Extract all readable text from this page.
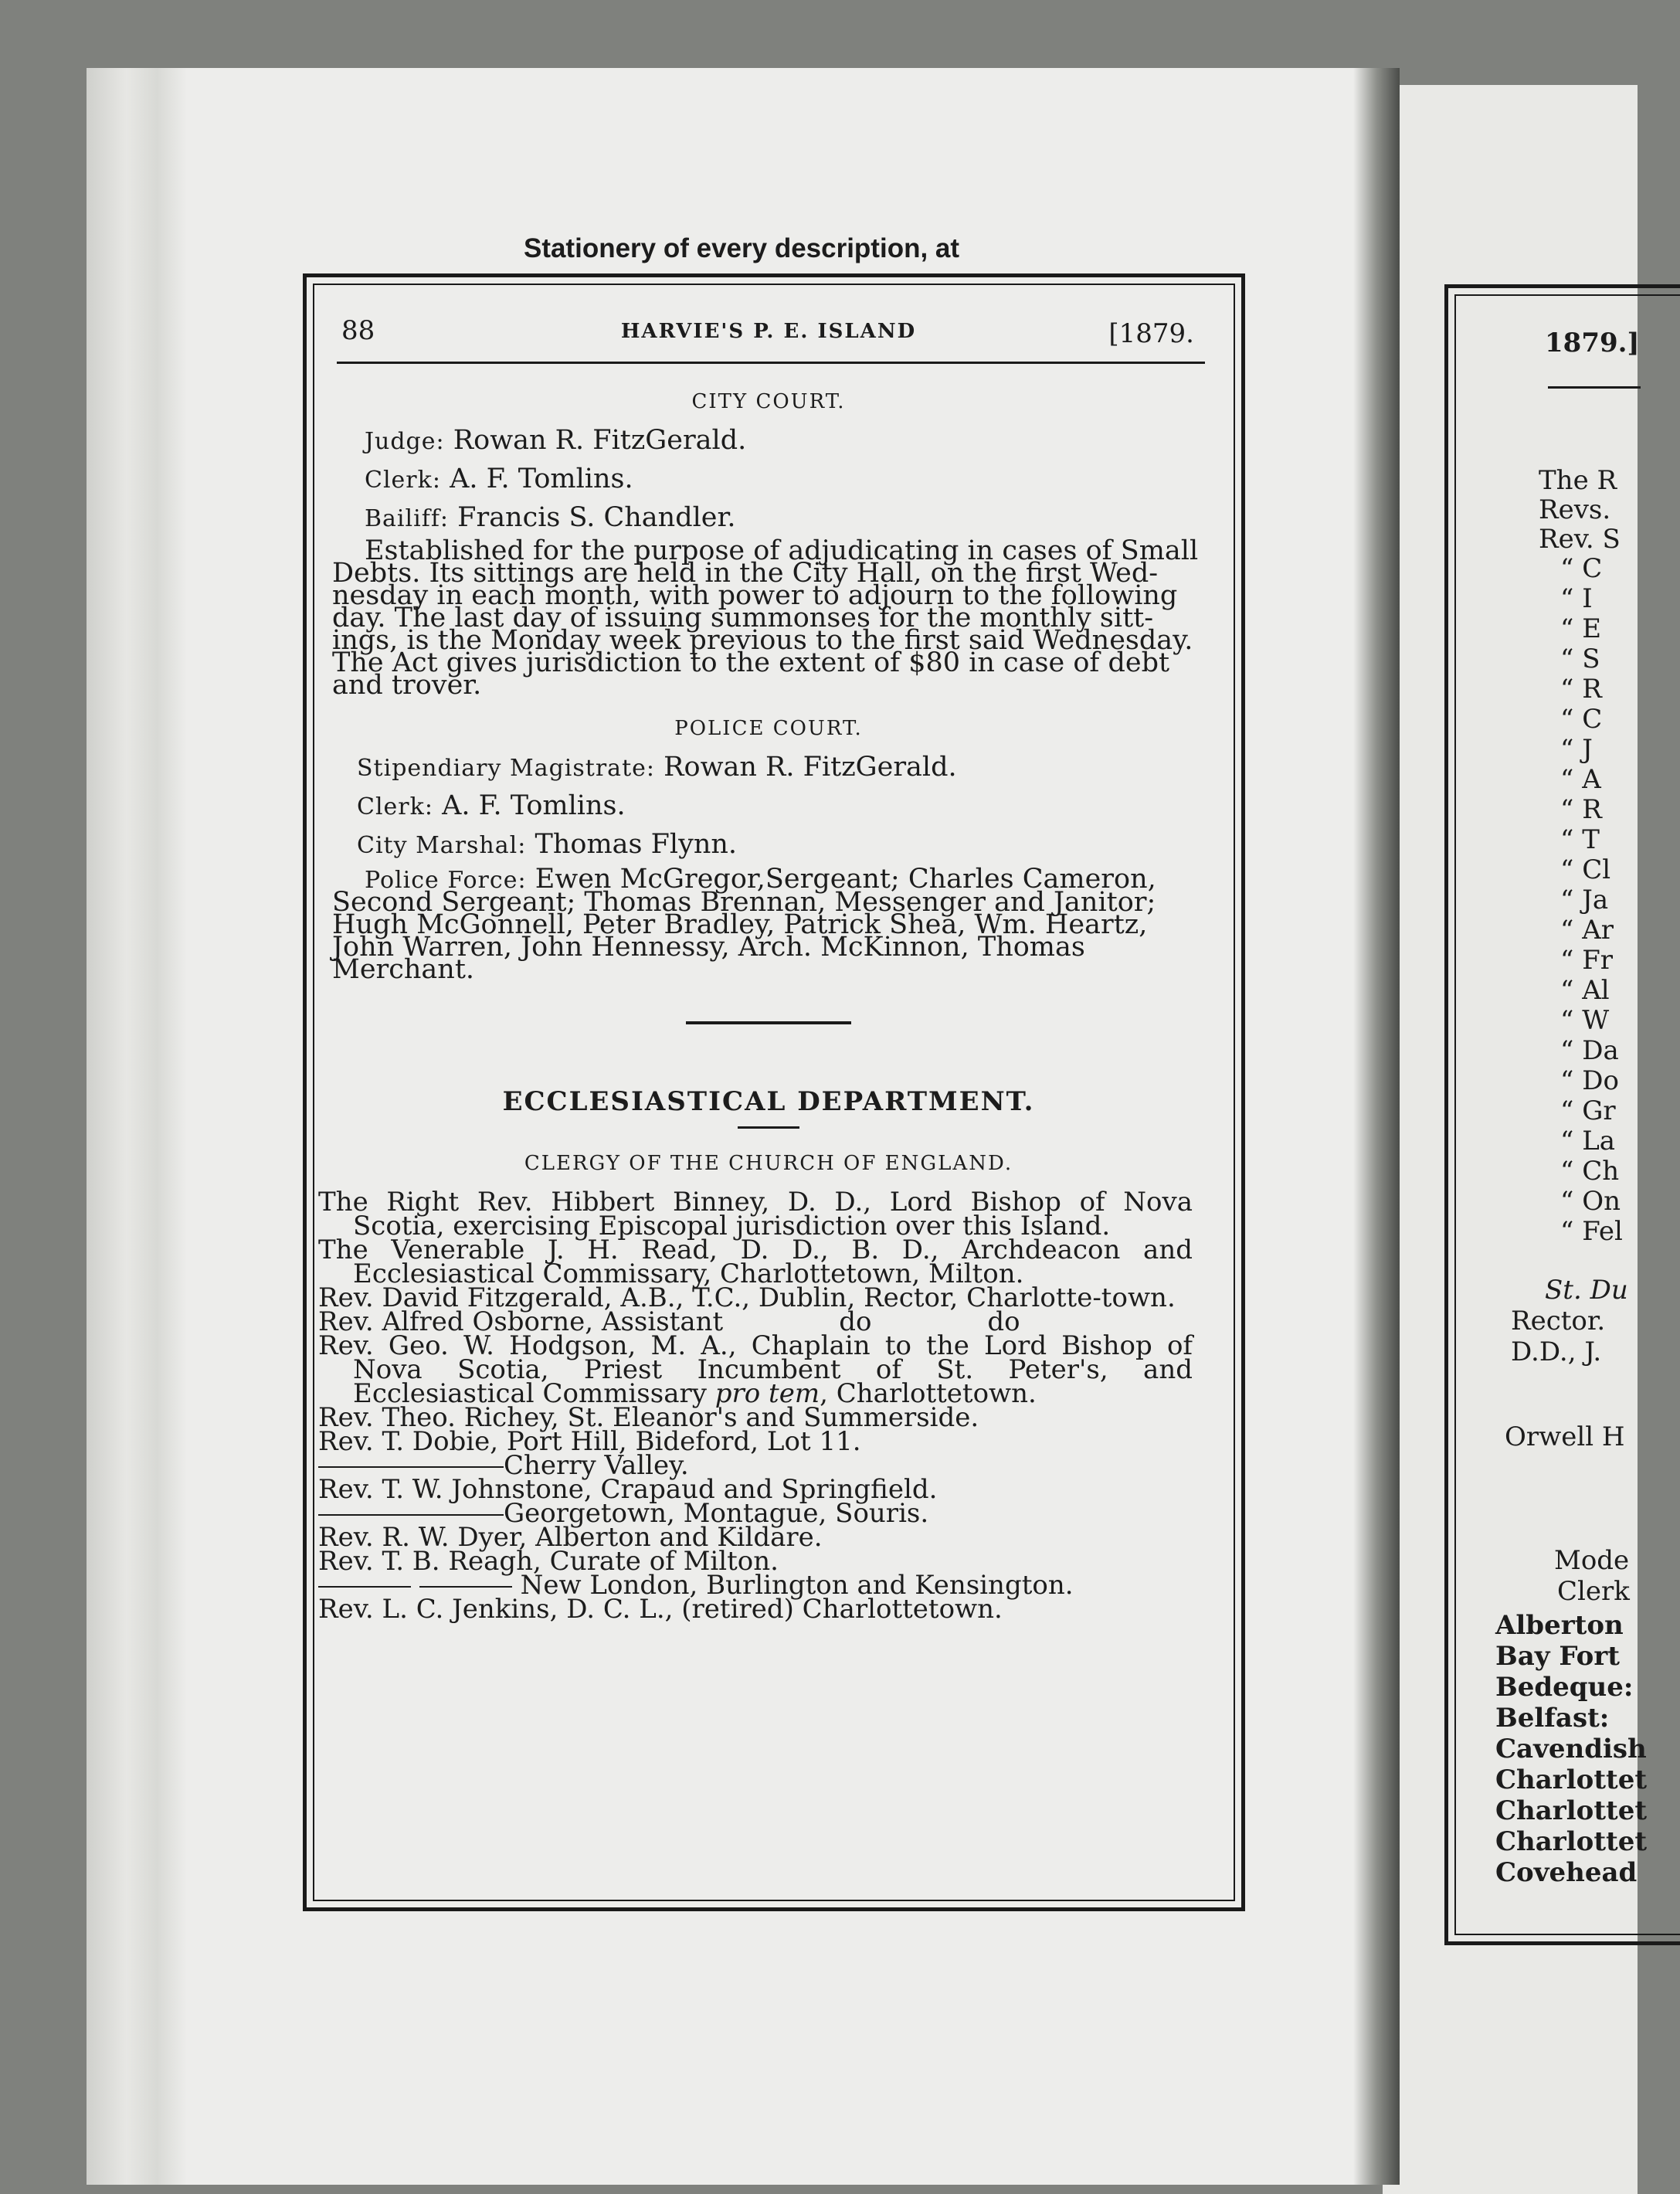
Stationery of every description, at
88	HARVIE'S P. E. ISLAND	[1879.
CITY COURT.

Judge: Rowan R. FitzGerald.

Clerk: A. F. Tomlins.

Bailiff: Francis S. Chandler.

Established for the purpose of adjudicating in cases of Small

Debts. Its sittings are held in the City Hall, on the first Wed-

nesday in each month, with power to adjourn to the following

day. The last day of issuing summonses for the monthly sitt-

ings, is the Monday week previous to the first said Wednesday.

The Act gives jurisdiction to the extent of $80 in case of debt

and trover.

POLICE COURT.

Stipendiary Magistrate: Rowan R. FitzGerald.

Clerk: A. F. Tomlins.

City Marshal: Thomas Flynn.

Police Force: Ewen McGregor,Sergeant; Charles Cameron,

Second Sergeant; Thomas Brennan, Messenger and Janitor;

Hugh McGonnell, Peter Bradley, Patrick Shea, Wm. Heartz,

John Warren, John Hennessy, Arch. McKinnon, Thomas

Merchant.

ECCLESIASTICAL DEPARTMENT.
CLERGY OF THE CHURCH OF ENGLAND.

The Right Rev. Hibbert Binney, D. D., Lord Bishop of Nova Scotia, exercising Episcopal jurisdiction over this Island.

The Venerable J. H. Read, D. D., B. D., Archdeacon and Ecclesiastical Commissary, Charlottetown, Milton.

Rev. David Fitzgerald, A.B., T.C., Dublin, Rector, Charlotte-town.

Rev. Alfred Osborne, Assistant	do	do

Rev. Geo. W. Hodgson, M. A., Chaplain to the Lord Bishop of Nova Scotia, Priest Incumbent of St. Peter's, and Ecclesiastical Commissary pro tem, Charlottetown.

Rev. Theo. Richey, St. Eleanor's and Summerside.

Rev. T. Dobie, Port Hill, Bideford, Lot 11.

Cherry Valley.

Rev. T. W. Johnstone, Crapaud and Springfield.

Georgetown, Montague, Souris.

Rev. R. W. Dyer, Alberton and Kildare.

Rev. T. B. Reagh, Curate of Milton.

New London, Burlington and Kensington.

Rev. L. C. Jenkins, D. C. L., (retired) Charlottetown.

1879.]
The R
Revs.
Rev. S
“ C
“ I
“ E
“ S
“ R
“ C
“ J
“ A
“ R
“ T
“ Cl
“ Ja
“ Ar
“ Fr
“ Al
“ W
“ Da
“ Do
“ Gr
“ La
“ Ch
“ On
“ Fel
St. Du
Rector.
D.D., J.
Orwell H
Mode
Clerk
Alberton
Bay Fort
Bedeque:
Belfast:
Cavendish
Charlottet
Charlottet
Charlottet
Covehead
